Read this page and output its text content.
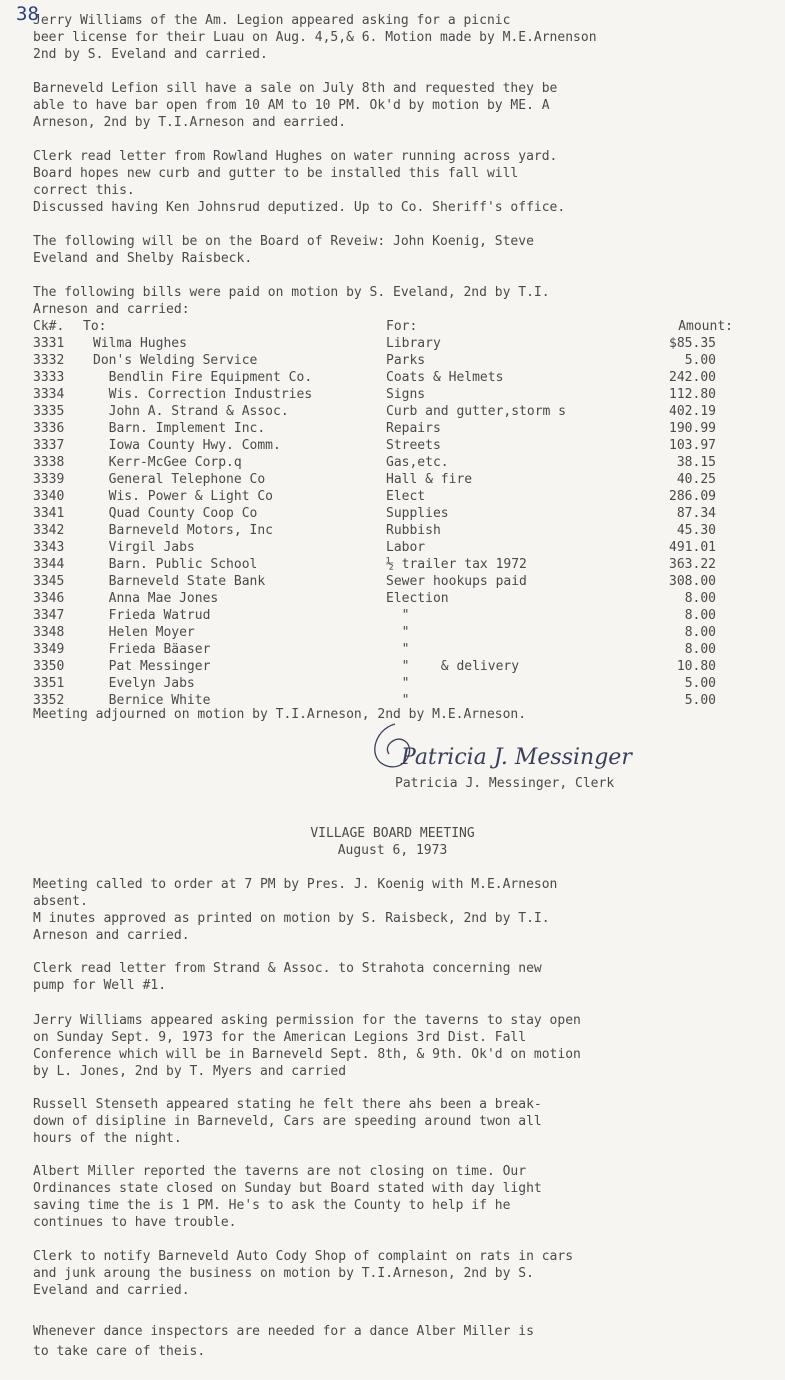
38

Jerry Williams of the Am. Legion appeared asking for a picnic
beer license for their Luau on Aug. 4,5,& 6. Motion made by M.E.Arnenson
2nd by S. Eveland and carried.

Barneveld Lefion sill have a sale on July 8th and requested they be
able to have bar open from 10 AM to 10 PM. Ok'd by motion by ME. A
Arneson, 2nd by T.I.Arneson and earried.

Clerk read letter from Rowland Hughes on water running across yard.
Board hopes new curb and gutter to be installed this fall will
correct this.
Discussed having Ken Johnsrud deputized. Up to Co. Sheriff's office.

The following will be on the Board of Reveiw: John Koenig, Steve
Eveland and Shelby Raisbeck.

The following bills were paid on motion by S. Eveland, 2nd by T.I.
Arneson and carried:

Ck#. To:	For:	Amount:
3331 Wilma Hughes	Library	$85.35
3332 Don's Welding Service	Parks	5.00
3333 Bendlin Fire Equipment Co.	Coats & Helmets	242.00
3334 Wis. Correction Industries	Signs	112.80
3335 John A. Strand & Assoc.	Curb and gutter,storm s	402.19
3336 Barn. Implement Inc.	Repairs	190.99
3337 Iowa County Hwy. Comm.	Streets	103.97
3338 Kerr-McGee Corp.q	Gas,etc.	38.15
3339 General Telephone Co	Hall & fire	40.25
3340 Wis. Power & Light Co	Elect	286.09
3341 Quad County Coop Co	Supplies	87.34
3342 Barneveld Motors, Inc	Rubbish	45.30
3343 Virgil Jabs	Labor	491.01
3344 Barn. Public School	½ trailer tax 1972	363.22
3345 Barneveld State Bank	Sewer hookups paid	308.00
3346 Anna Mae Jones	Election	8.00
3347 Frieda Watrud	"	8.00
3348 Helen Moyer	"	8.00
3349 Frieda Bäaser	"	8.00
3350 Pat Messinger	"    & delivery	10.80
3351 Evelyn Jabs	"	5.00
3352 Bernice White	"	5.00

Meeting adjourned on motion by T.I.Arneson, 2nd by M.E.Arneson.

Patricia J. Messinger

Patricia J. Messinger, Clerk

VILLAGE BOARD MEETING
August 6, 1973

Meeting called to order at 7 PM by Pres. J. Koenig with M.E.Arneson
absent.
M inutes approved as printed on motion by S. Raisbeck, 2nd by T.I.
Arneson and carried.

Clerk read letter from Strand & Assoc. to Strahota concerning new
pump for Well #1.

Jerry Williams appeared asking permission for the taverns to stay open
on Sunday Sept. 9, 1973 for the American Legions 3rd Dist. Fall
Conference which will be in Barneveld Sept. 8th, & 9th. Ok'd on motion
by L. Jones, 2nd by T. Myers and carried

Russell Stenseth appeared stating he felt there ahs been a break-
down of disipline in Barneveld, Cars are speeding around twon all
hours of the night.

Albert Miller reported the taverns are not closing on time. Our
Ordinances state closed on Sunday but Board stated with day light
saving time the is 1 PM. He's to ask the County to help if he
continues to have trouble.

Clerk to notify Barneveld Auto Cody Shop of complaint on rats in cars
and junk aroung the business on motion by T.I.Arneson, 2nd by S.
Eveland and carried.

Whenever dance inspectors are needed for a dance Alber Miller is
to take care of theis.
